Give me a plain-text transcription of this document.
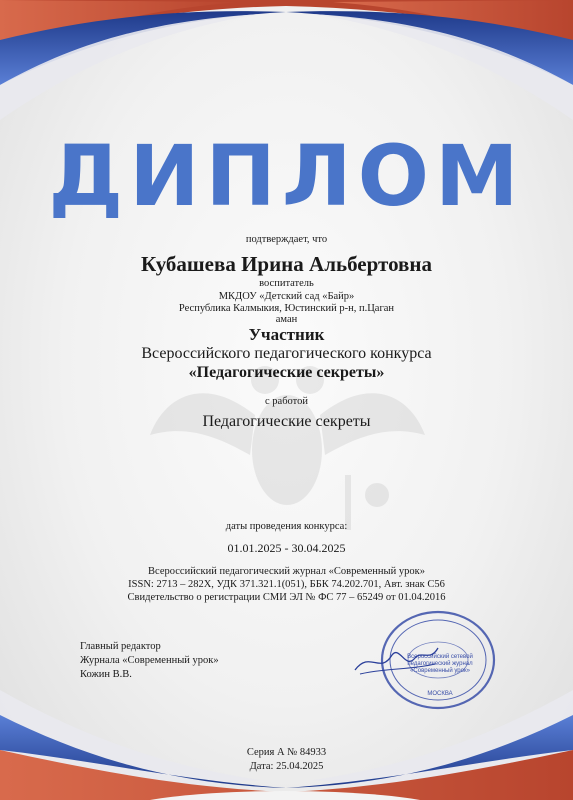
ДИПЛОМ
подтверждает, что
Кубашева Ирина Альбертовна
воспитатель
МКДОУ «Детский сад «Байр»
Республика Калмыкия, Юстинский р-н, п.Цаган
аман
Участник
Всероссийского педагогического конкурса
«Педагогические секреты»
с работой
Педагогические секреты
даты проведения конкурса:
01.01.2025 - 30.04.2025
Всероссийский педагогический журнал «Современный урок»
ISSN: 2713 – 282X, УДК 371.321.1(051), ББК 74.202.701, Авт. знак С56
Свидетельство о регистрации СМИ ЭЛ № ФС 77 – 65249 от 01.04.2016
Главный редактор
Журнала «Современный урок»
Кожин В.В.
Всероссийский сетевой
педагогический журнал
«Современный урок»
МОСКВА
Серия А № 84933
Дата: 25.04.2025
